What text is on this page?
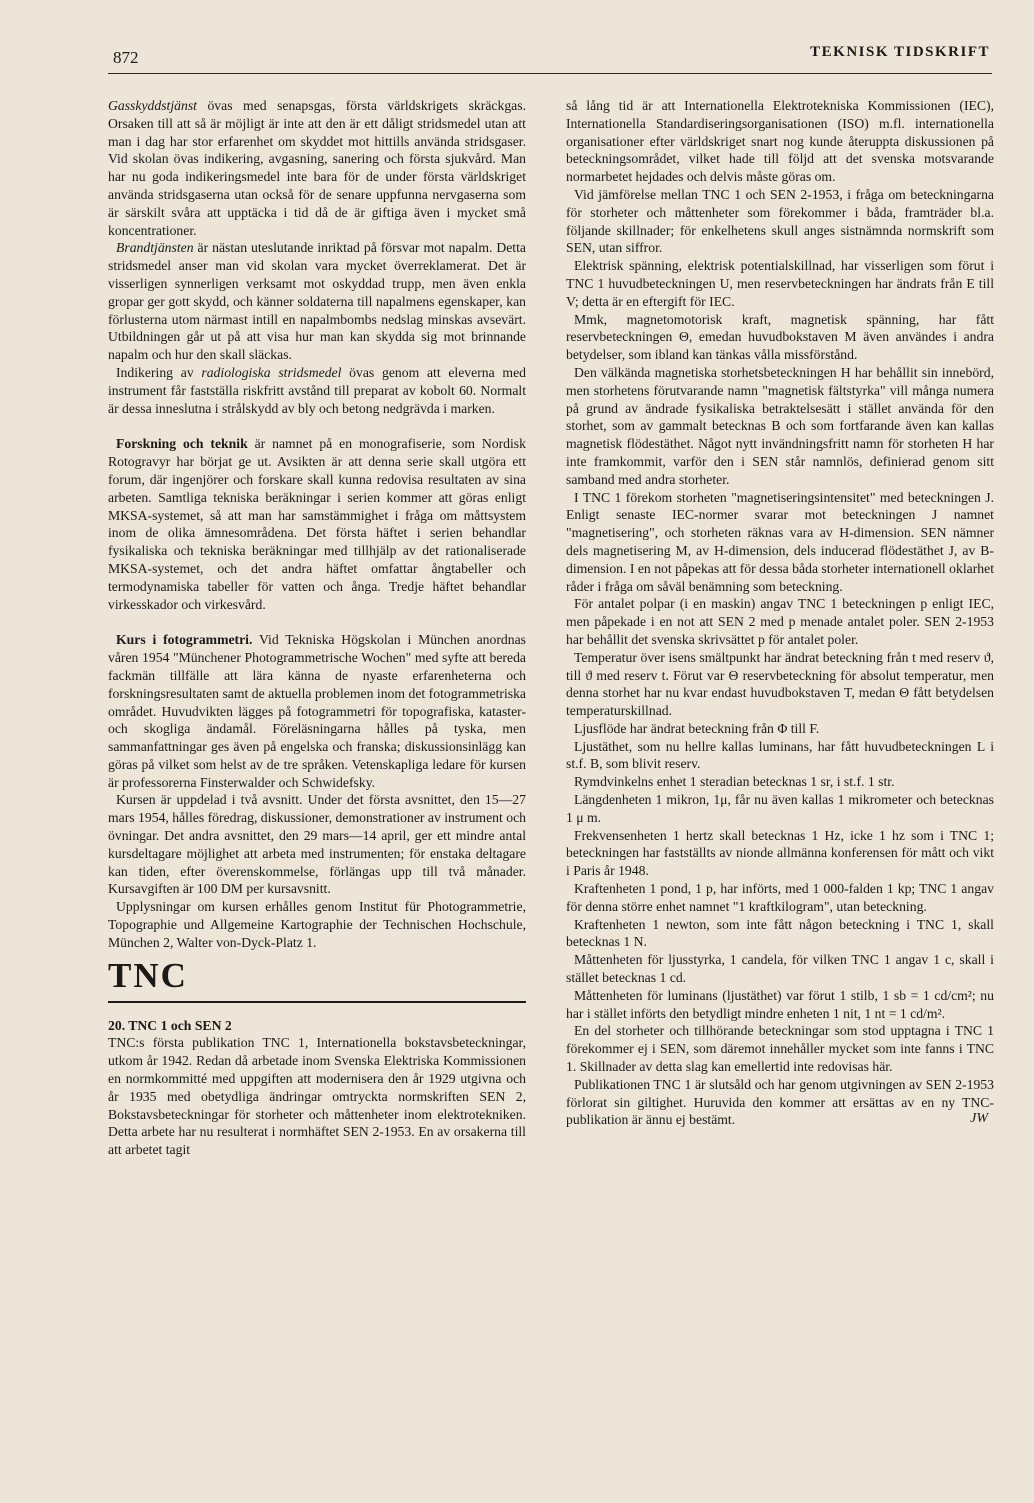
872	TEKNISK TIDSKRIFT

Gasskyddstjänst övas med senapsgas, första världskrigets skräckgas. Orsaken till att så är möjligt är inte att den är ett dåligt stridsmedel utan att man i dag har stor erfarenhet om skyddet mot hittills använda stridsgaser. Vid skolan övas indikering, avgasning, sanering och första sjukvård. Man har nu goda indikeringsmedel inte bara för de under första världskriget använda stridsgaserna utan också för de senare uppfunna nervgaserna som är särskilt svåra att upptäcka i tid då de är giftiga även i mycket små koncentrationer.

Brandtjänsten är nästan uteslutande inriktad på försvar mot napalm. Detta stridsmedel anser man vid skolan vara mycket överreklamerat. Det är visserligen synnerligen verksamt mot oskyddad trupp, men även enkla gropar ger gott skydd, och känner soldaterna till napalmens egenskaper, kan förlusterna utom närmast intill en napalmbombs nedslag minskas avsevärt. Utbildningen går ut på att visa hur man kan skydda sig mot brinnande napalm och hur den skall släckas.

Indikering av radiologiska stridsmedel övas genom att eleverna med instrument får fastställa riskfritt avstånd till preparat av kobolt 60. Normalt är dessa inneslutna i strålskydd av bly och betong nedgrävda i marken.

Forskning och teknik är namnet på en monografiserie, som Nordisk Rotogravyr har börjat ge ut. Avsikten är att denna serie skall utgöra ett forum, där ingenjörer och forskare skall kunna redovisa resultaten av sina arbeten. Samtliga tekniska beräkningar i serien kommer att göras enligt MKSA-systemet, så att man har samstämmighet i fråga om måttsystem inom de olika ämnesområdena. Det första häftet i serien behandlar fysikaliska och tekniska beräkningar med tillhjälp av det rationaliserade MKSA-systemet, och det andra häftet omfattar ångtabeller och termodynamiska tabeller för vatten och ånga. Tredje häftet behandlar virkesskador och virkesvård.

Kurs i fotogrammetri. Vid Tekniska Högskolan i München anordnas våren 1954 "Münchener Photogrammetrische Wochen" med syfte att bereda fackmän tillfälle att lära känna de nyaste erfarenheterna och forskningsresultaten samt de aktuella problemen inom det fotogrammetriska området. Huvudvikten lägges på fotogrammetri för topografiska, kataster- och skogliga ändamål. Föreläsningarna hålles på tyska, men sammanfattningar ges även på engelska och franska; diskussionsinlägg kan göras på vilket som helst av de tre språken. Vetenskapliga ledare för kursen är professorerna Finsterwalder och Schwidefsky.

Kursen är uppdelad i två avsnitt. Under det första avsnittet, den 15—27 mars 1954, hålles föredrag, diskussioner, demonstrationer av instrument och övningar. Det andra avsnittet, den 29 mars—14 april, ger ett mindre antal kursdeltagare möjlighet att arbeta med instrumenten; för enstaka deltagare kan tiden, efter överenskommelse, förlängas upp till två månader. Kursavgiften är 100 DM per kursavsnitt.

Upplysningar om kursen erhålles genom Institut für Photogrammetrie, Topographie und Allgemeine Kartographie der Technischen Hochschule, München 2, Walter von-Dyck-Platz 1.

TNC

20. TNC 1 och SEN 2

TNC:s första publikation TNC 1, Internationella bokstavsbeteckningar, utkom år 1942. Redan då arbetade inom Svenska Elektriska Kommissionen en normkommitté med uppgiften att modernisera den år 1929 utgivna och år 1935 med obetydliga ändringar omtryckta normskriften SEN 2, Bokstavsbeteckningar för storheter och måttenheter inom elektrotekniken. Detta arbete har nu resulterat i normhäftet SEN 2-1953. En av orsakerna till att arbetet tagit

så lång tid är att Internationella Elektrotekniska Kommissionen (IEC), Internationella Standardiseringsorganisationen (ISO) m.fl. internationella organisationer efter världskriget snart nog kunde återuppta diskussionen på beteckningsområdet, vilket hade till följd att det svenska motsvarande normarbetet hejdades och delvis måste göras om.

Vid jämförelse mellan TNC 1 och SEN 2-1953, i fråga om beteckningarna för storheter och måttenheter som förekommer i båda, framträder bl.a. följande skillnader; för enkelhetens skull anges sistnämnda normskrift som SEN, utan siffror.

Elektrisk spänning, elektrisk potentialskillnad, har visserligen som förut i TNC 1 huvudbeteckningen U, men reservbeteckningen har ändrats från E till V; detta är en eftergift för IEC.

Mmk, magnetomotorisk kraft, magnetisk spänning, har fått reservbeteckningen Θ, emedan huvudbokstaven M även användes i andra betydelser, som ibland kan tänkas vålla missförstånd.

Den välkända magnetiska storhetsbeteckningen H har behållit sin innebörd, men storhetens förutvarande namn "magnetisk fältstyrka" vill många numera på grund av ändrade fysikaliska betraktelsesätt i stället använda för den storhet, som av gammalt betecknas B och som fortfarande även kan kallas magnetisk flödestäthet. Något nytt invändningsfritt namn för storheten H har inte framkommit, varför den i SEN står namnlös, definierad genom sitt samband med andra storheter.

I TNC 1 förekom storheten "magnetiseringsintensitet" med beteckningen J. Enligt senaste IEC-normer svarar mot beteckningen J namnet "magnetisering", och storheten räknas vara av H-dimension. SEN nämner dels magnetisering M, av H-dimension, dels inducerad flödestäthet J, av B-dimension. I en not påpekas att för dessa båda storheter internationell oklarhet råder i fråga om såväl benämning som beteckning.

För antalet polpar (i en maskin) angav TNC 1 beteckningen p enligt IEC, men påpekade i en not att SEN 2 med p menade antalet poler. SEN 2-1953 har behållit det svenska skrivsättet p för antalet poler.

Temperatur över isens smältpunkt har ändrat beteckning från t med reserv ϑ, till ϑ med reserv t. Förut var Θ reservbeteckning för absolut temperatur, men denna storhet har nu kvar endast huvudbokstaven T, medan Θ fått betydelsen temperaturskillnad.

Ljusflöde har ändrat beteckning från Φ till F.

Ljustäthet, som nu hellre kallas luminans, har fått huvudbeteckningen L i st.f. B, som blivit reserv.

Rymdvinkelns enhet 1 steradian betecknas 1 sr, i st.f. 1 str.

Längdenheten 1 mikron, 1μ, får nu även kallas 1 mikrometer och betecknas 1 μ m.

Frekvensenheten 1 hertz skall betecknas 1 Hz, icke 1 hz som i TNC 1; beteckningen har fastställts av nionde allmänna konferensen för mått och vikt i Paris år 1948.

Kraftenheten 1 pond, 1 p, har införts, med 1 000-falden 1 kp; TNC 1 angav för denna större enhet namnet "1 kraftkilogram", utan beteckning.

Kraftenheten 1 newton, som inte fått någon beteckning i TNC 1, skall betecknas 1 N.

Måttenheten för ljusstyrka, 1 candela, för vilken TNC 1 angav 1 c, skall i stället betecknas 1 cd.

Måttenheten för luminans (ljustäthet) var förut 1 stilb, 1 sb = 1 cd/cm²; nu har i stället införts den betydligt mindre enheten 1 nit, 1 nt = 1 cd/m².

En del storheter och tillhörande beteckningar som stod upptagna i TNC 1 förekommer ej i SEN, som däremot innehåller mycket som inte fanns i TNC 1. Skillnader av detta slag kan emellertid inte redovisas här.

Publikationen TNC 1 är slutsåld och har genom utgivningen av SEN 2-1953 förlorat sin giltighet. Huruvida den kommer att ersättas av en ny TNC-publikation är ännu ej bestämt.	JW
